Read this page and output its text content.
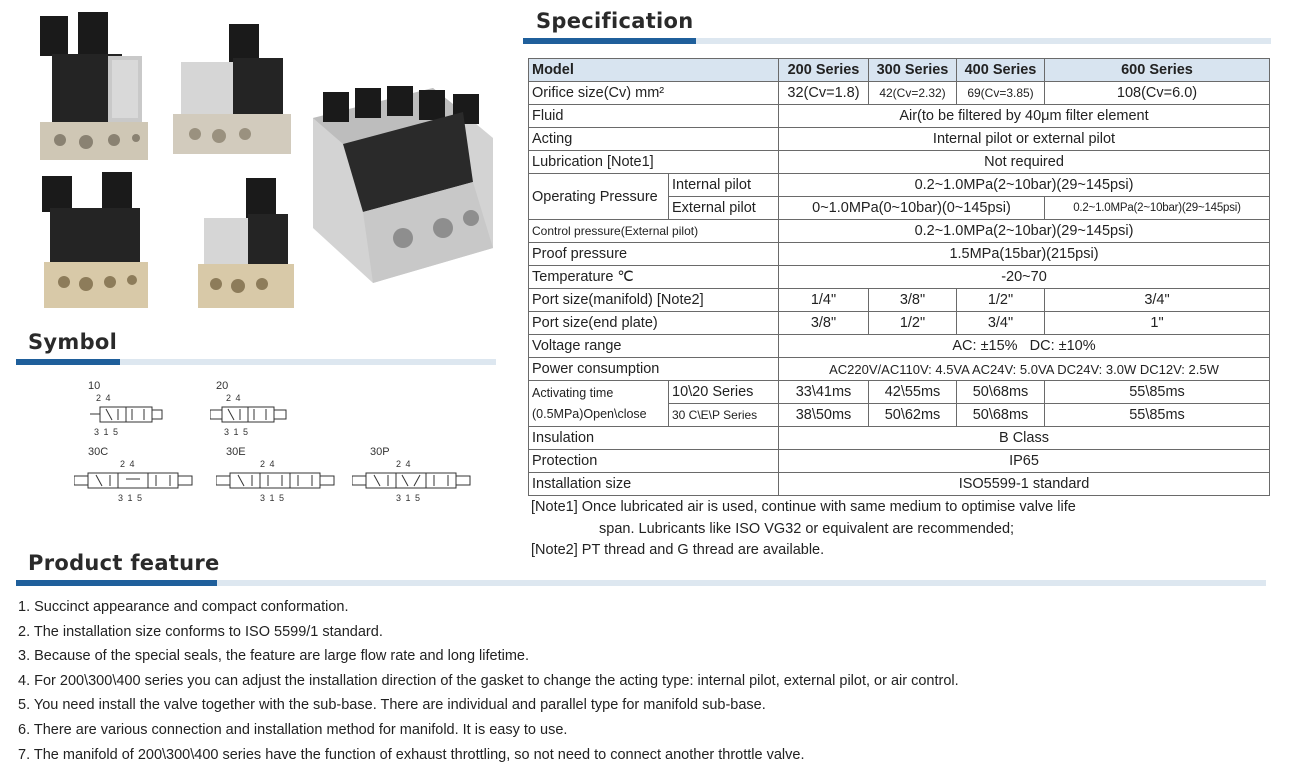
Symbol
10
2 4
3 1 5
20
2 4
3 1 5
30C
2 4
3 1 5
30E
2 4
3 1 5
30P
2 4
3 1 5
Specification
Model		200 Series	300 Series	400 Series	600 Series
Orifice size(Cv) mm²		32(Cv=1.8)	42(Cv=2.32)	69(Cv=3.85)	108(Cv=6.0)
Fluid		Air(to be filtered by 40μm filter element			
Acting		Internal pilot or external pilot			
Lubrication [Note1]		Not required			
Operating Pressure	Internal pilot	0.2~1.0MPa(2~10bar)(29~145psi)			
	External pilot	0~1.0MPa(0~10bar)(0~145psi)			0.2~1.0MPa(2~10bar)(29~145psi)
Control pressure(External pilot)		0.2~1.0MPa(2~10bar)(29~145psi)			
Proof pressure		1.5MPa(15bar)(215psi)			
Temperature ℃		-20~70			
Port size(manifold) [Note2]		1/4"	3/8"	1/2"	3/4"
Port size(end plate)		3/8"	1/2"	3/4"	1"
Voltage range		AC: ±15%   DC: ±10%			
Power consumption		AC220V/AC110V: 4.5VA AC24V: 5.0VA DC24V: 3.0W DC12V: 2.5W			

Activating time
(0.5MPa)Open\close	10\20 Series	33\41ms	42\55ms	50\68ms	55\85ms
	30 C\E\P Series	38\50ms	50\62ms	50\68ms	55\85ms
Insulation		B Class			
Protection		IP65			
Installation size		ISO5599-1 standard			
[Note1] Once lubricated air is used, continue with same medium to optimise valve life
span. Lubricants like ISO VG32 or equivalent are recommended;
[Note2] PT thread and G thread are available.
Product feature
1. Succinct appearance and compact conformation.
2. The installation size conforms to ISO 5599/1 standard.
3. Because of the special seals, the feature are large flow rate and long lifetime.
4. For 200\300\400 series you can adjust the installation direction of the gasket to change the acting type: internal pilot, external pilot, or air control.
5. You need install the valve together with the sub-base. There are individual and parallel type for manifold sub-base.
6. There are various connection and installation method for manifold. It is easy to use.
7. The manifold of 200\300\400 series have the function of exhaust throttling, so not need to connect another throttle valve.
